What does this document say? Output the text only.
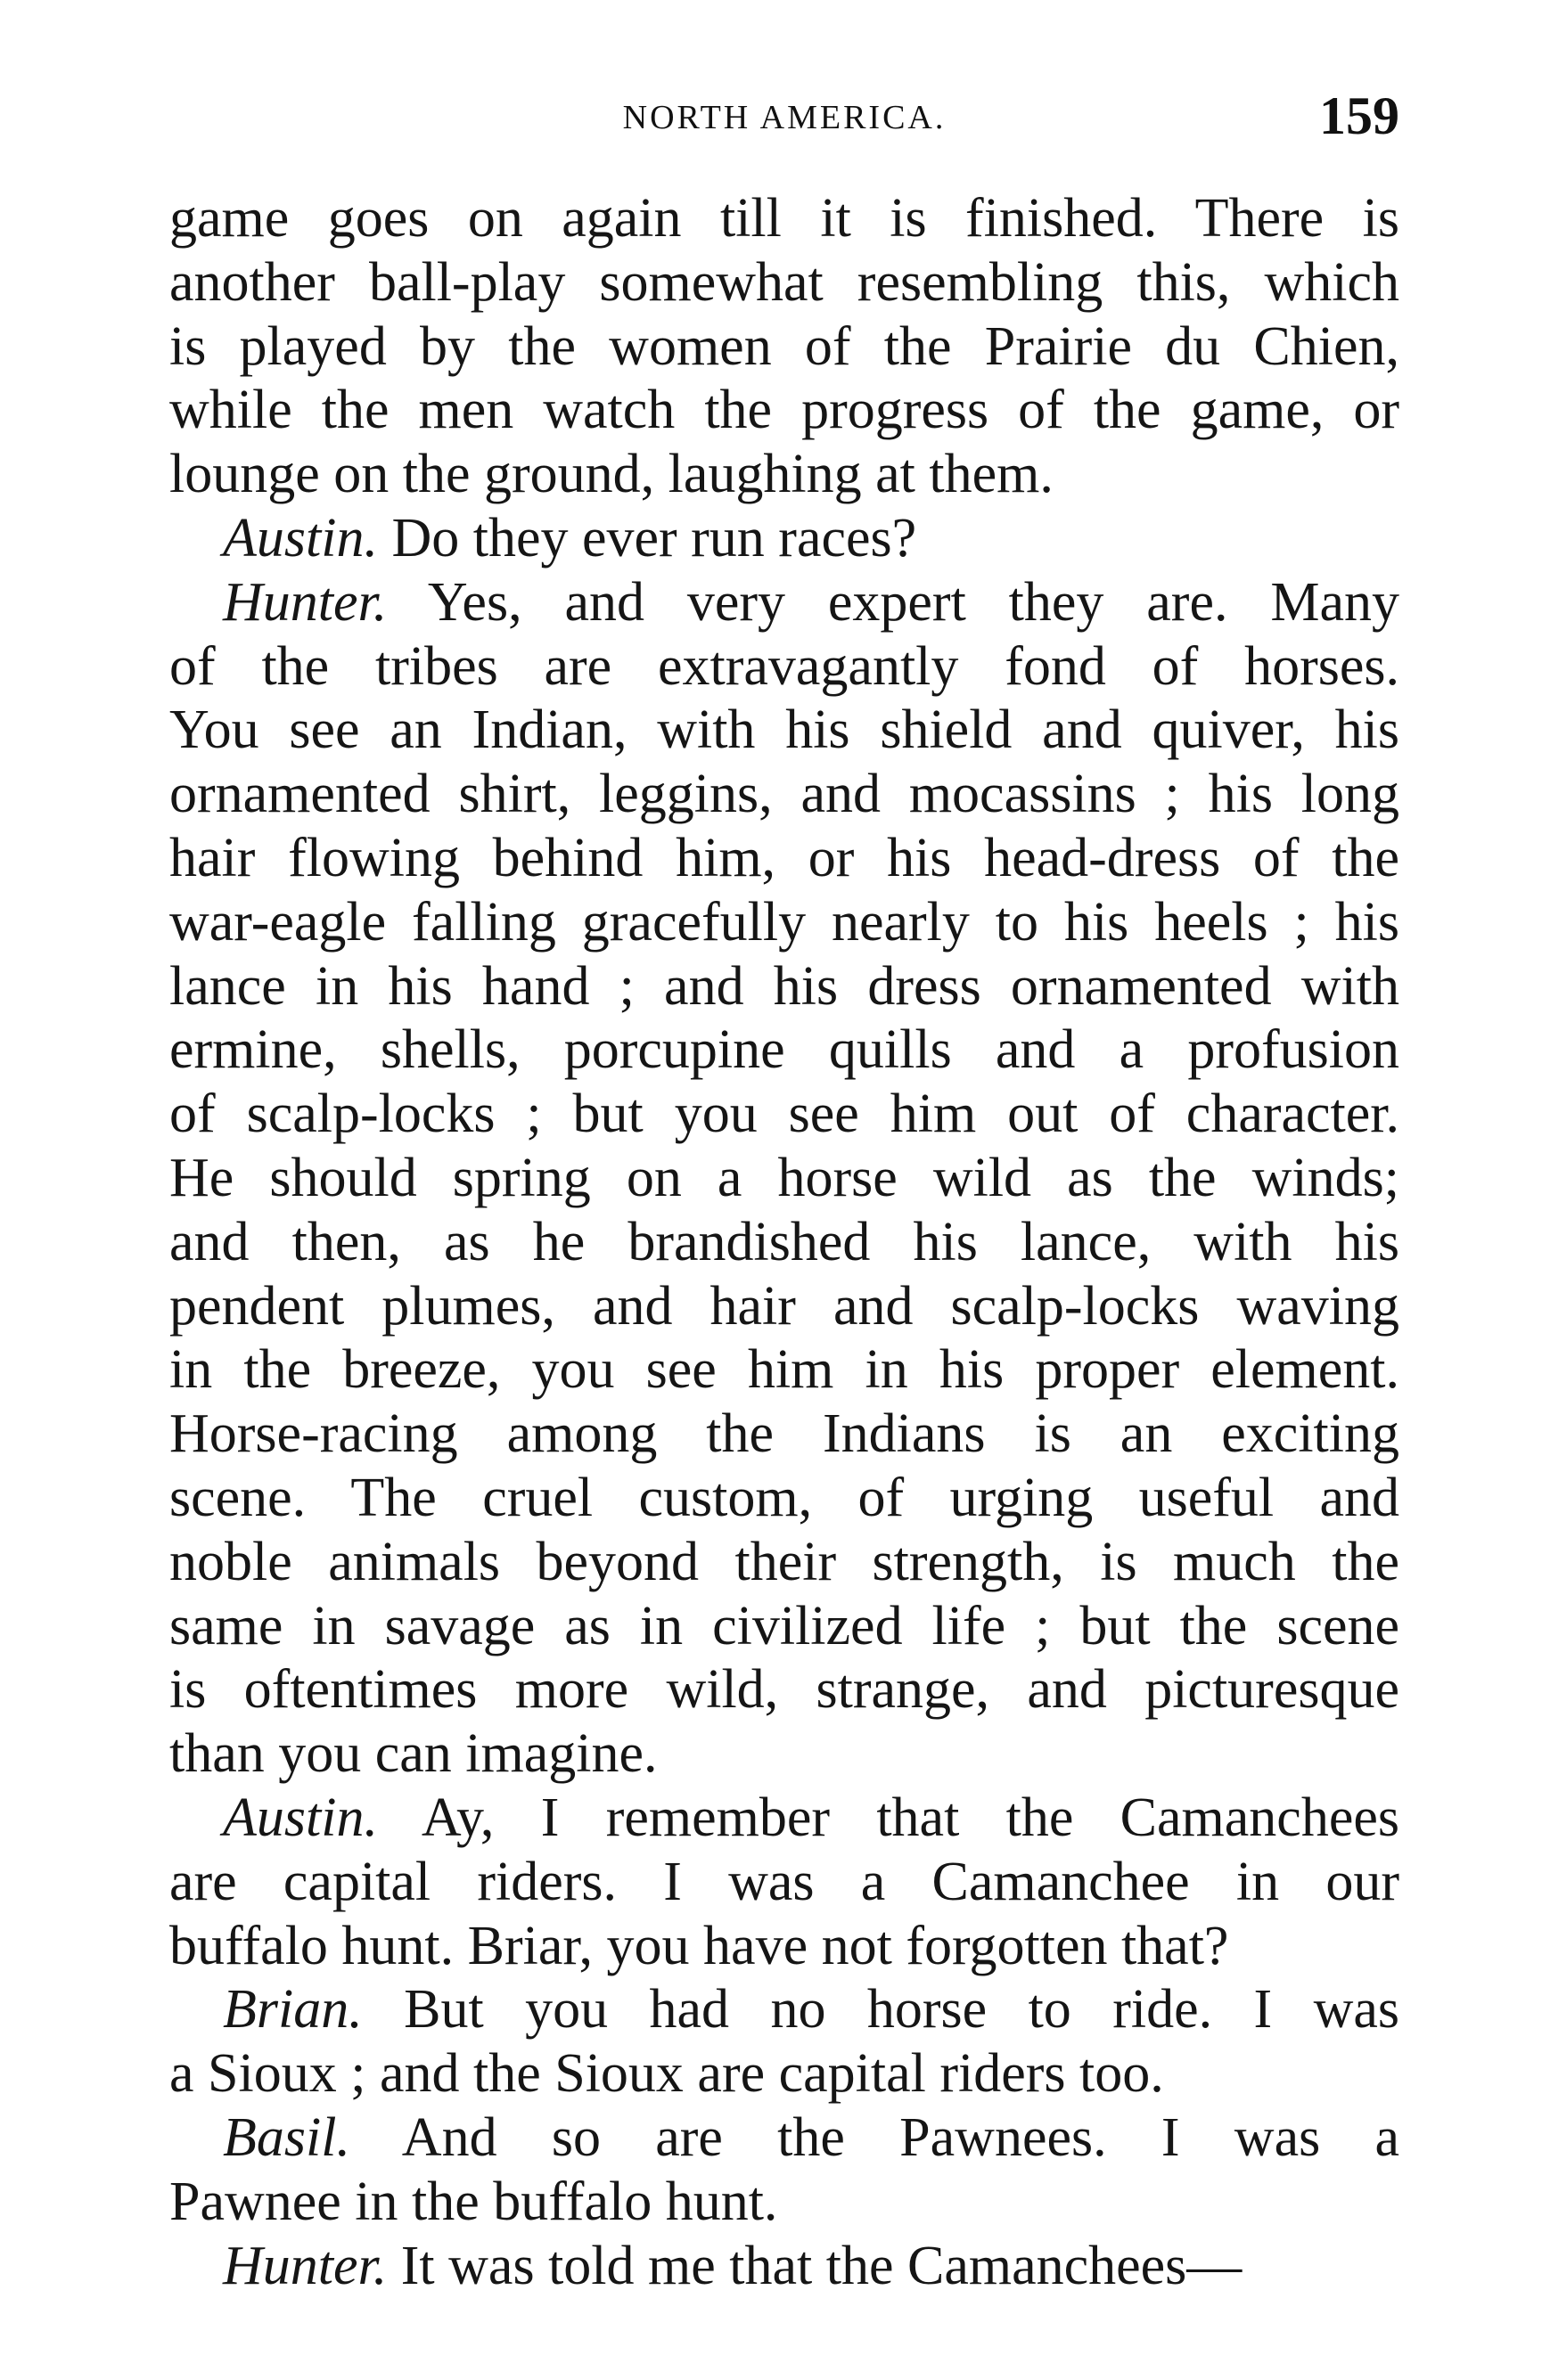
NORTH AMERICA.	159
game goes on again till it is finished. There is
another ball-play somewhat resembling this, which
is played by the women of the Prairie du Chien,
while the men watch the progress of the game, or
lounge on the ground, laughing at them.
Austin. Do they ever run races?
Hunter. Yes, and very expert they are. Many
of the tribes are extravagantly fond of horses.
You see an Indian, with his shield and quiver, his
ornamented shirt, leggins, and mocassins ; his long
hair flowing behind him, or his head-dress of the
war-eagle falling gracefully nearly to his heels ; his
lance in his hand ; and his dress ornamented with
ermine, shells, porcupine quills and a profusion
of scalp-locks ; but you see him out of character.
He should spring on a horse wild as the winds;
and then, as he brandished his lance, with his
pendent plumes, and hair and scalp-locks waving
in the breeze, you see him in his proper element.
Horse-racing among the Indians is an exciting
scene. The cruel custom, of urging useful and
noble animals beyond their strength, is much the
same in savage as in civilized life ; but the scene
is oftentimes more wild, strange, and picturesque
than you can imagine.
Austin. Ay, I remember that the Camanchees
are capital riders. I was a Camanchee in our
buffalo hunt. Briar, you have not forgotten that?
Brian. But you had no horse to ride. I was
a Sioux ; and the Sioux are capital riders too.
Basil. And so are the Pawnees. I was a
Pawnee in the buffalo hunt.
Hunter. It was told me that the Camanchees—
